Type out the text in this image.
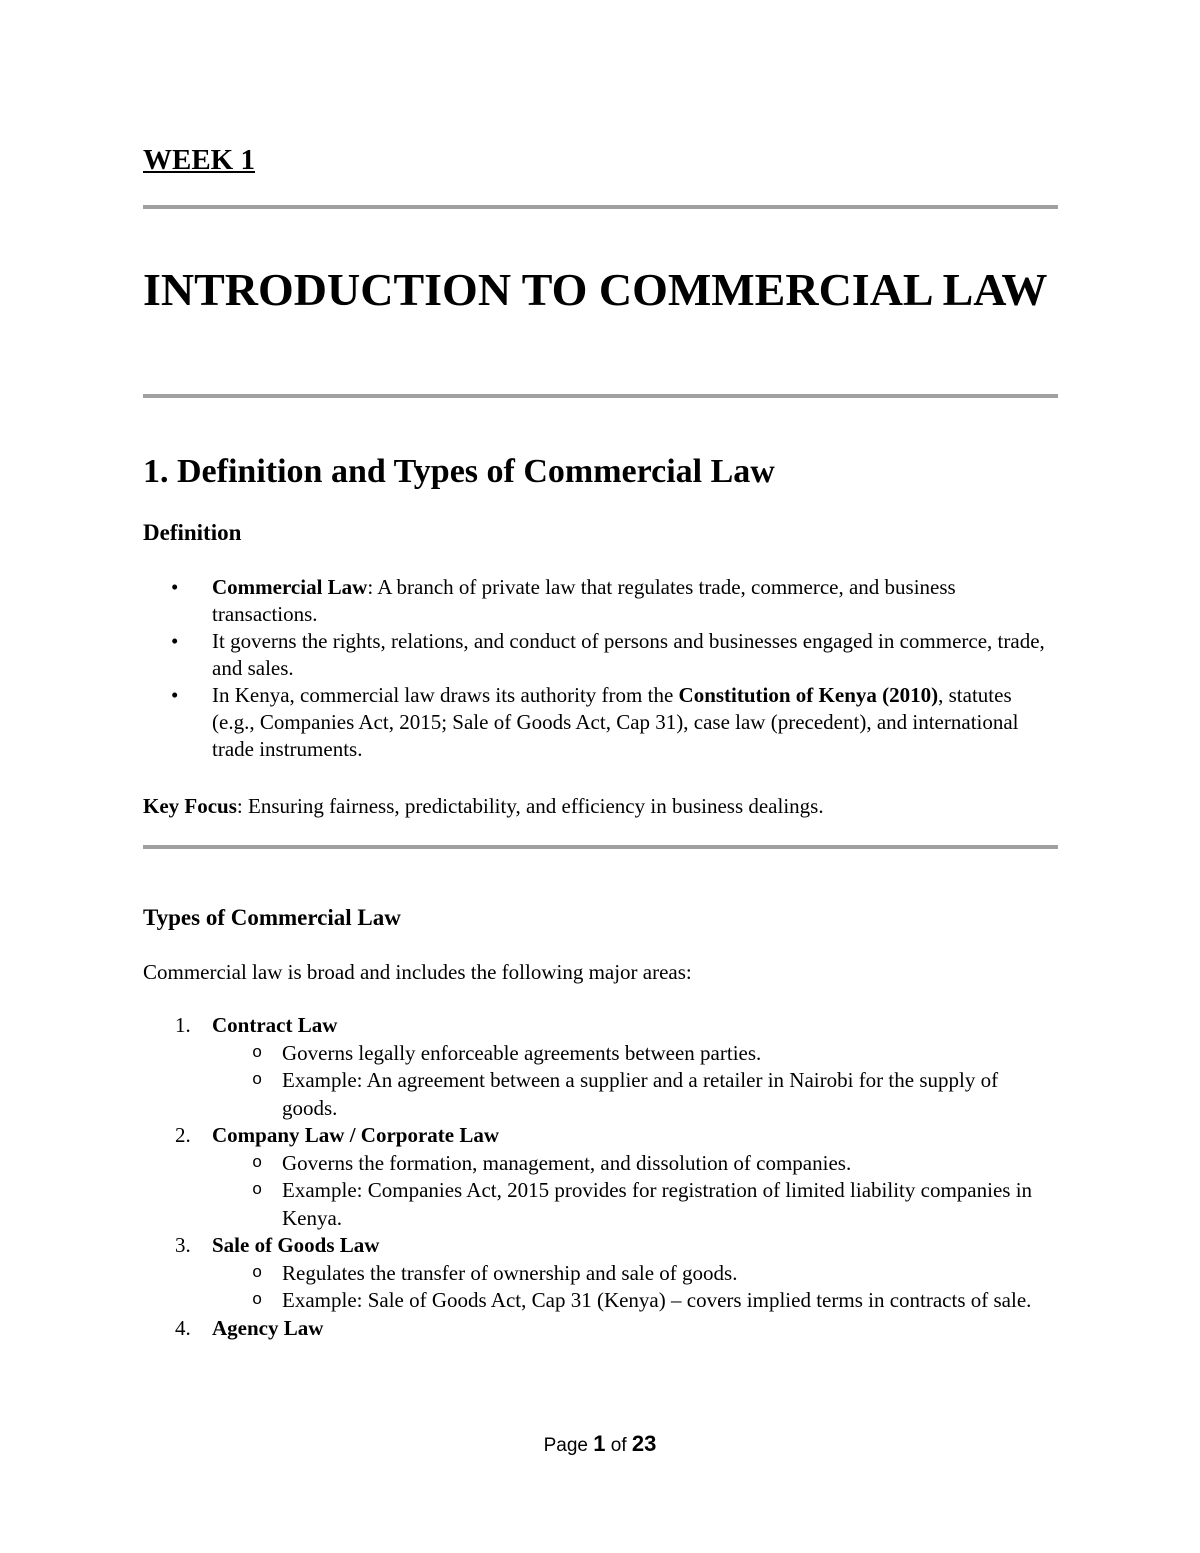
WEEK 1
INTRODUCTION TO COMMERCIAL LAW
1. Definition and Types of Commercial Law
Definition
• Commercial Law: A branch of private law that regulates trade, commerce, and business transactions.
• It governs the rights, relations, and conduct of persons and businesses engaged in commerce, trade, and sales.
• In Kenya, commercial law draws its authority from the Constitution of Kenya (2010), statutes (e.g., Companies Act, 2015; Sale of Goods Act, Cap 31), case law (precedent), and international trade instruments.

Key Focus: Ensuring fairness, predictability, and efficiency in business dealings.

Types of Commercial Law

Commercial law is broad and includes the following major areas:

1. Contract Law
o Governs legally enforceable agreements between parties.
o Example: An agreement between a supplier and a retailer in Nairobi for the supply of goods.
2. Company Law / Corporate Law
o Governs the formation, management, and dissolution of companies.
o Example: Companies Act, 2015 provides for registration of limited liability companies in Kenya.
3. Sale of Goods Law
o Regulates the transfer of ownership and sale of goods.
o Example: Sale of Goods Act, Cap 31 (Kenya) – covers implied terms in contracts of sale.
4. Agency Law
Page 1 of 23
